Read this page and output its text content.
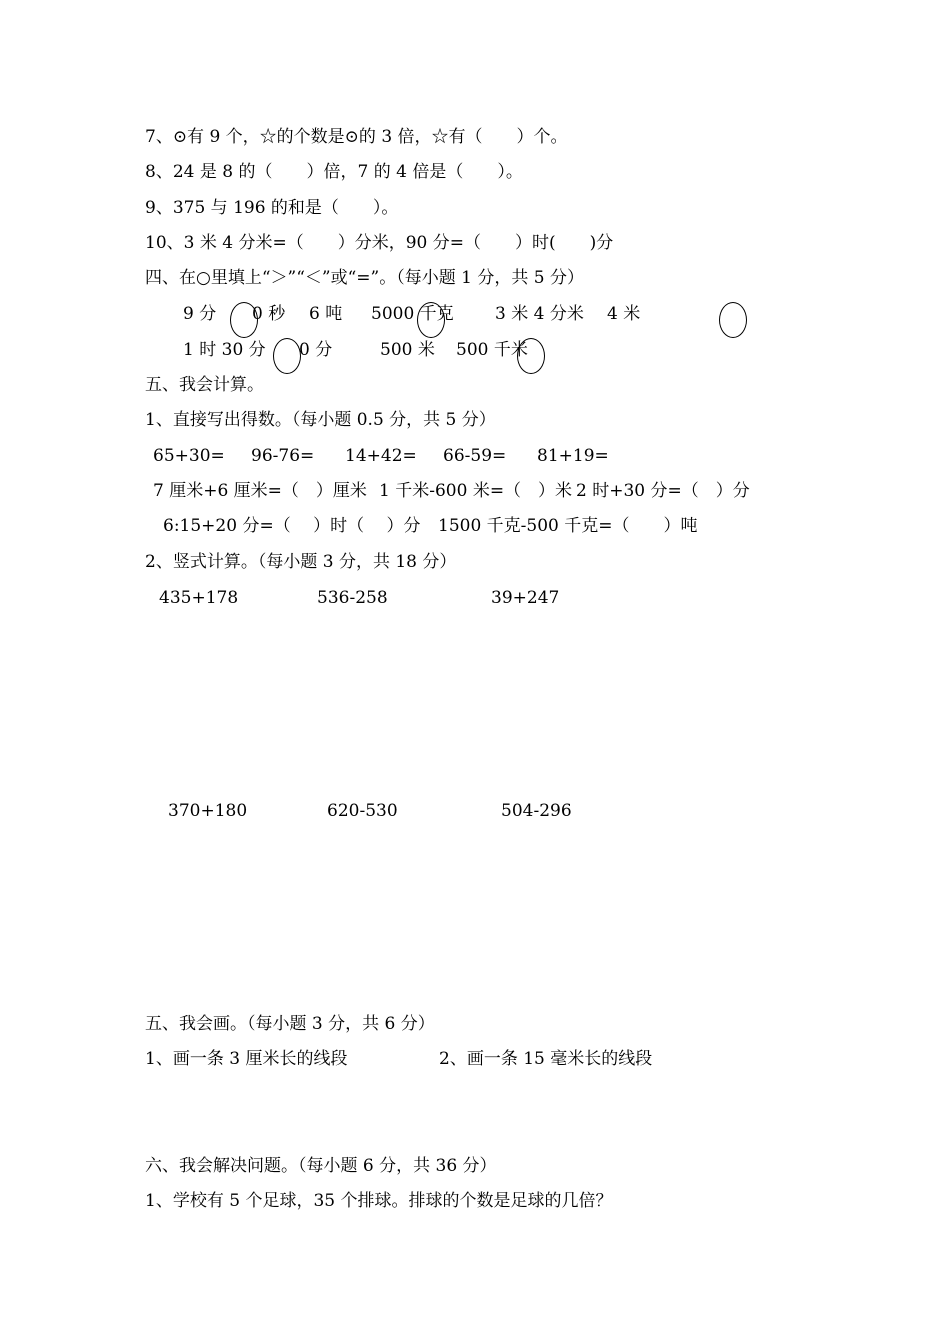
7、⊙有 9 个，☆的个数是⊙的 3 倍，☆有（　　）个。
8、24 是 8 的（　　）倍，7 的 4 倍是（　　）。
9、375 与 196 的和是（　　）。
10、3 米 4 分米=（　　）分米，90 分=（　　）时(　　)分
四、在○里填上“＞”“＜”或“=”。（每小题 1 分，共 5 分）
9 分 0 秒 6 吨 5000 千克 3 米 4 分米 4 米
1 时 30 分 0 分	500 米 500 千米
五、我会计算。
1、直接写出得数。（每小题 0.5 分，共 5 分）
65+30= 96-76= 14+42= 66-59= 81+19=
7 厘米+6 厘米=（　）厘米 1 千米-600 米=（　）米 2 时+30 分=（　）分
6:15+20 分=（　 ）时（　 ）分 1500 千克-500 千克=（　　）吨
2、竖式计算。（每小题 3 分，共 18 分）
435+178	536-258	39+247
370+180	620-530	504-296
五、我会画。（每小题 3 分，共 6 分）
1、画一条 3 厘米长的线段	2、画一条 15 毫米长的线段
六、我会解决问题。（每小题 6 分，共 36 分）
1、学校有 5 个足球，35 个排球。排球的个数是足球的几倍？
